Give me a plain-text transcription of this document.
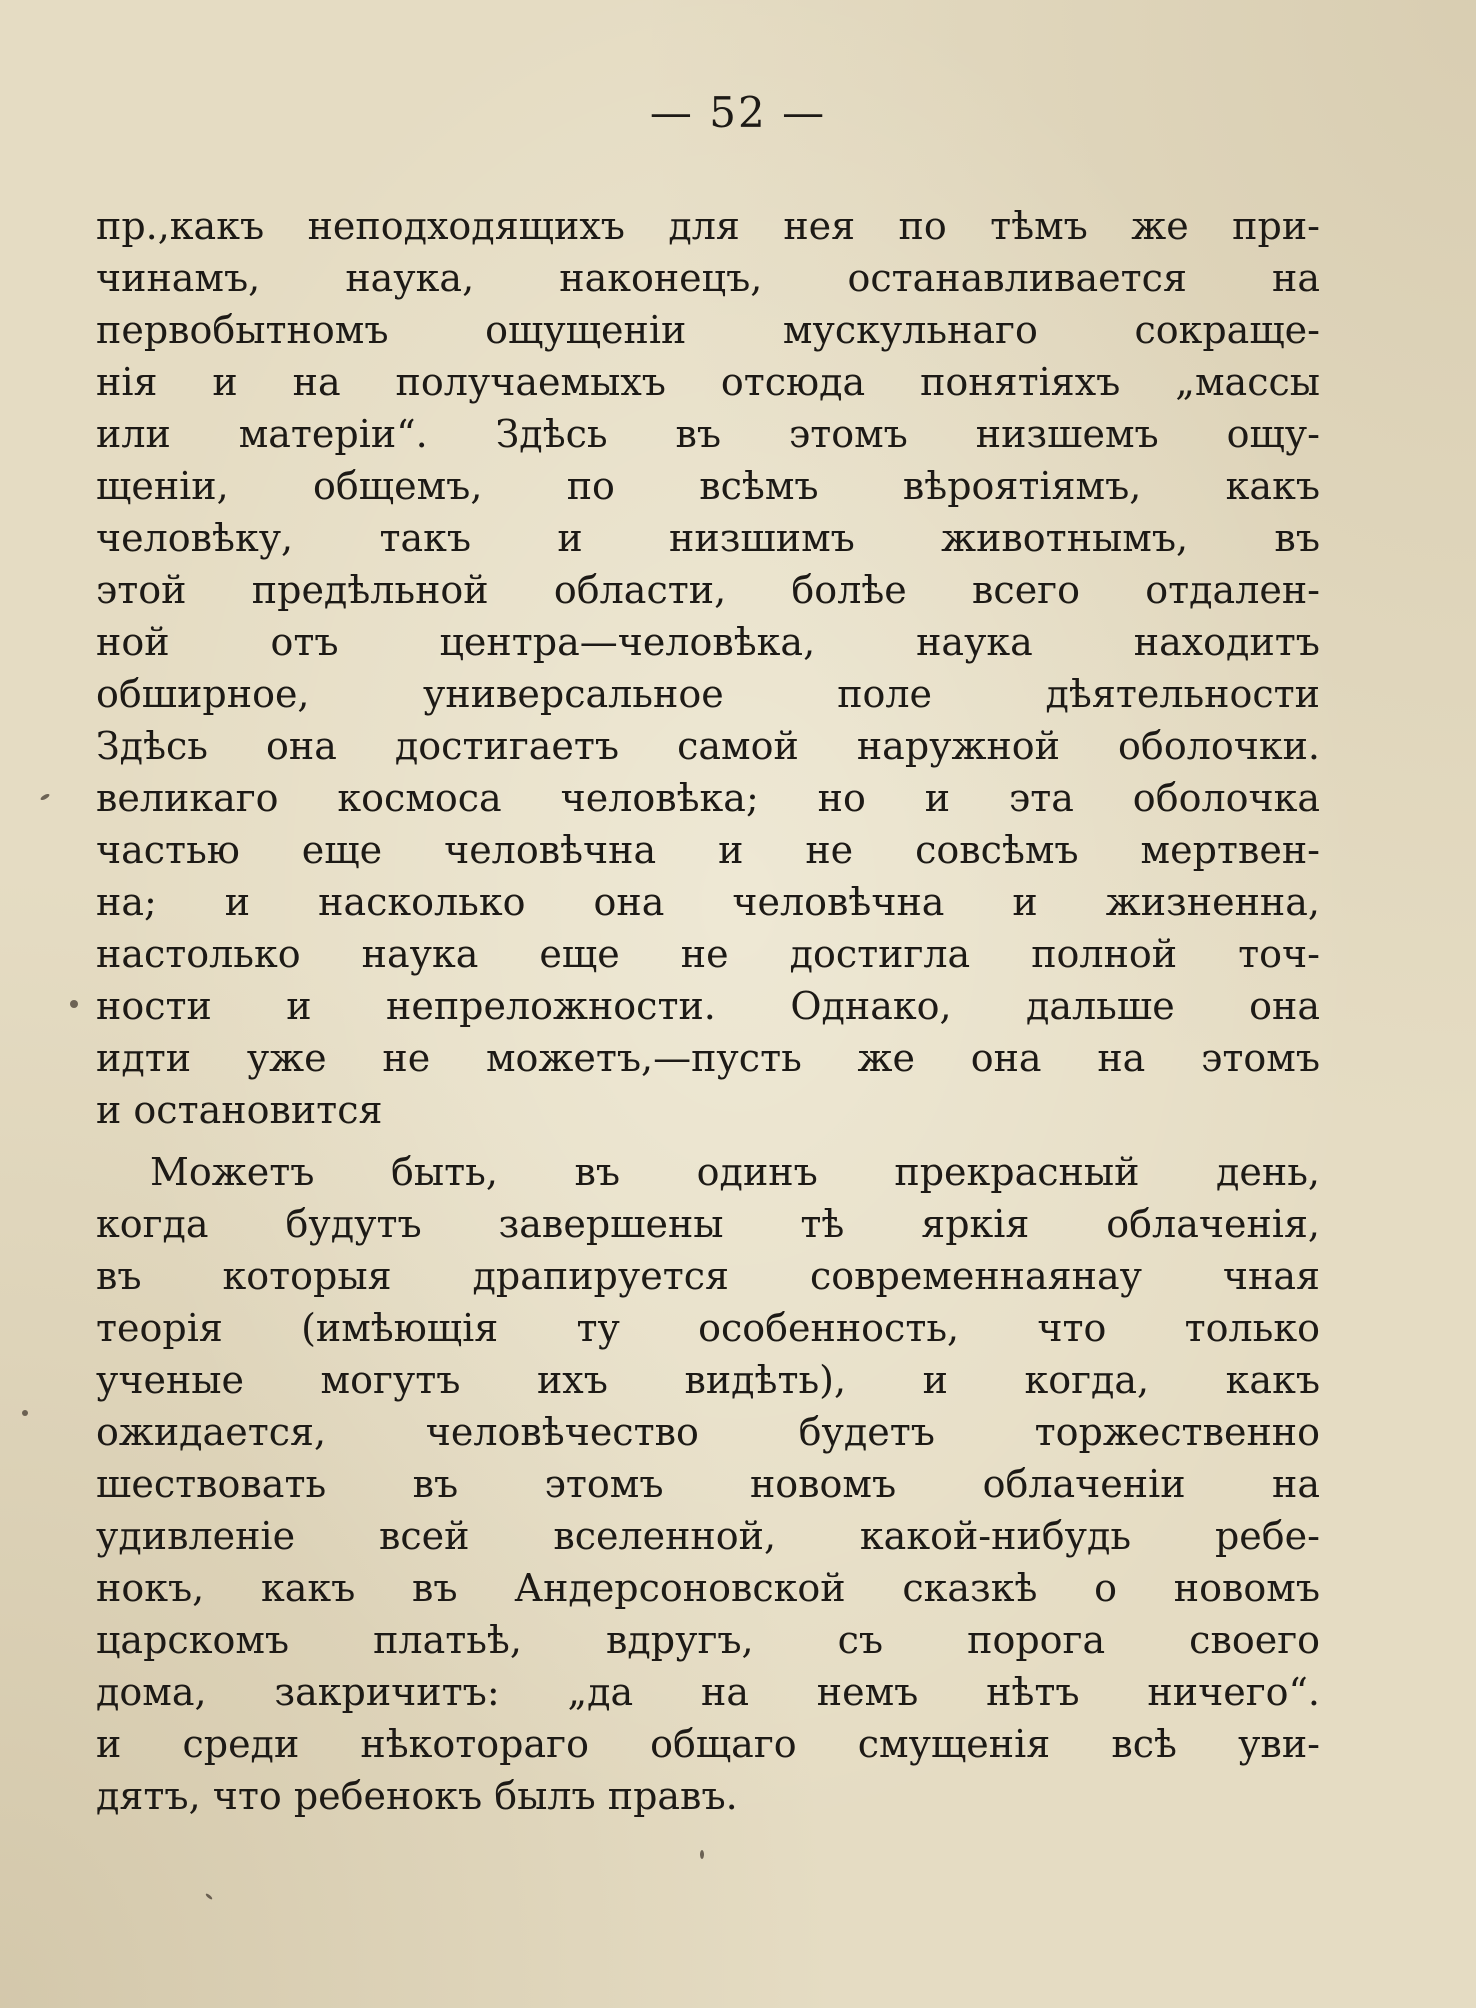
— 52 —
пр.,какъ неподходящихъ для нея по тѣмъ же при-
чинамъ, наука, наконецъ, останавливается на
первобытномъ ощущеніи мускульнаго сокраще-
нія и на получаемыхъ отсюда понятіяхъ „массы
или матеріи“. Здѣсь въ этомъ низшемъ ощу-
щеніи, общемъ, по всѣмъ вѣроятіямъ, какъ
человѣку, такъ и низшимъ животнымъ, въ
этой предѣльной области, болѣе всего отдален-
ной отъ центра—человѣка, наука находитъ
обширное, универсальное поле дѣятельности
Здѣсь она достигаетъ самой наружной оболочки.
великаго космоса человѣка; но и эта оболочка
частью еще человѣчна и не совсѣмъ мертвен-
на; и насколько она человѣчна и жизненна,
настолько наука еще не достигла полной точ-
ности и непреложности. Однако, дальше она
идти уже не можетъ,—пусть же она на этомъ
и остановится
Можетъ быть, въ одинъ прекрасный день,
когда будутъ завершены тѣ яркія облаченія,
въ которыя драпируется современнаянау чная
теорія (имѣющія ту особенность, что только
ученые могутъ ихъ видѣть), и когда, какъ
ожидается, человѣчество будетъ торжественно
шествовать въ этомъ новомъ облаченіи на
удивленіе всей вселенной, какой-нибудь ребе-
нокъ, какъ въ Андерсоновской сказкѣ о новомъ
царскомъ платьѣ, вдругъ, съ порога своего
дома, закричитъ: „да на немъ нѣтъ ничего“.
и среди нѣкотораго общаго смущенія всѣ уви-
дятъ, что ребенокъ былъ правъ.
